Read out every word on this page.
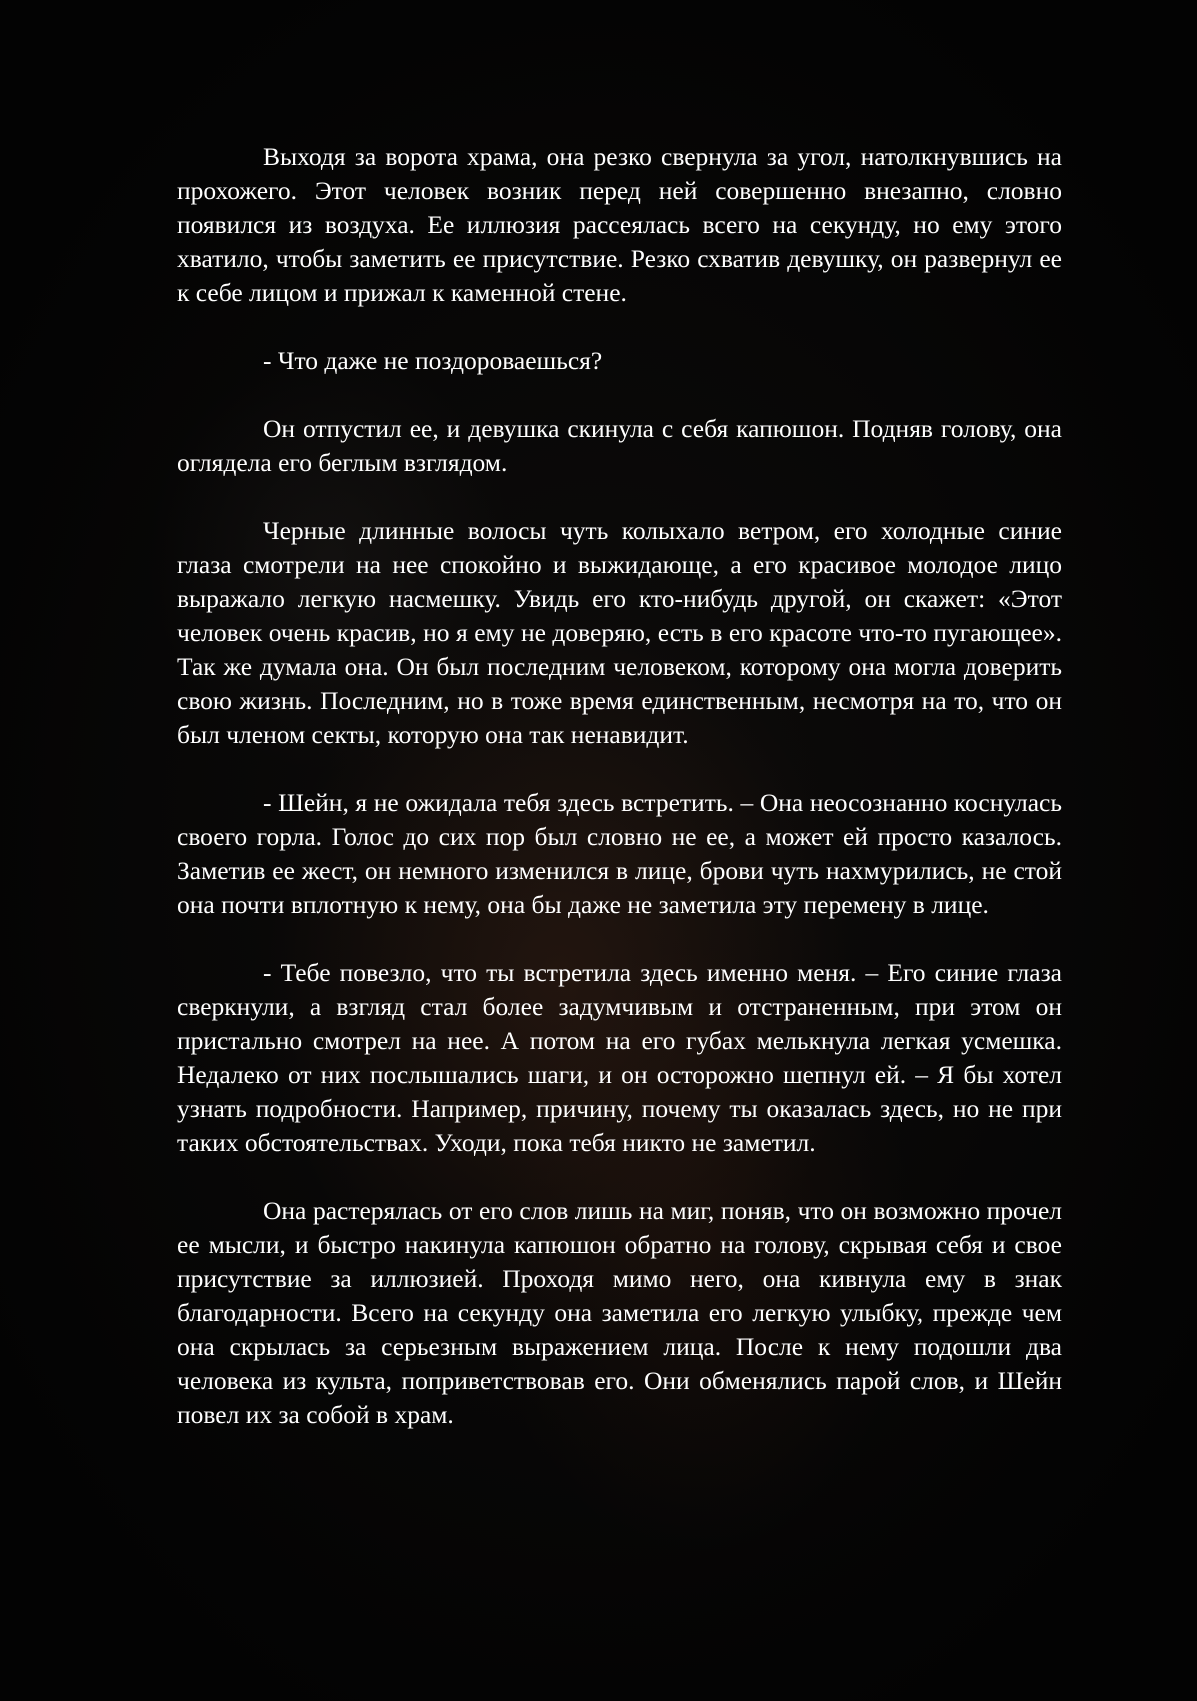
Выходя за ворота храма, она резко свернула за угол, натолкнувшись на прохожего. Этот человек возник перед ней совершенно внезапно, словно появился из воздуха. Ее иллюзия рассеялась всего на секунду, но ему этого хватило, чтобы заметить ее присутствие. Резко схватив девушку, он развернул ее к себе лицом и прижал к каменной стене.

- Что даже не поздороваешься?

Он отпустил ее, и девушка скинула с себя капюшон. Подняв голову, она оглядела его беглым взглядом.

Черные длинные волосы чуть колыхало ветром, его холодные синие глаза смотрели на нее спокойно и выжидающе, а его красивое молодое лицо выражало легкую насмешку. Увидь его кто-нибудь другой, он скажет: «Этот человек очень красив, но я ему не доверяю, есть в его красоте что-то пугающее». Так же думала она. Он был последним человеком, которому она могла доверить свою жизнь. Последним, но в тоже время единственным, несмотря на то, что он был членом секты, которую она так ненавидит.

- Шейн, я не ожидала тебя здесь встретить. – Она неосознанно коснулась своего горла. Голос до сих пор был словно не ее, а может ей просто казалось. Заметив ее жест, он немного изменился в лице, брови чуть нахмурились, не стой она почти вплотную к нему, она бы даже не заметила эту перемену в лице.

- Тебе повезло, что ты встретила здесь именно меня. – Его синие глаза сверкнули, а взгляд стал более задумчивым и отстраненным, при этом он пристально смотрел на нее. А потом на его губах мелькнула легкая усмешка. Недалеко от них послышались шаги, и он осторожно шепнул ей. – Я бы хотел узнать подробности. Например, причину, почему ты оказалась здесь, но не при таких обстоятельствах. Уходи, пока тебя никто не заметил.

Она растерялась от его слов лишь на миг, поняв, что он возможно прочел ее мысли, и быстро накинула капюшон обратно на голову, скрывая себя и свое присутствие за иллюзией. Проходя мимо него, она кивнула ему в знак благодарности. Всего на секунду она заметила его легкую улыбку, прежде чем она скрылась за серьезным выражением лица. После к нему подошли два человека из культа, поприветствовав его. Они обменялись парой слов, и Шейн повел их за собой в храм.
